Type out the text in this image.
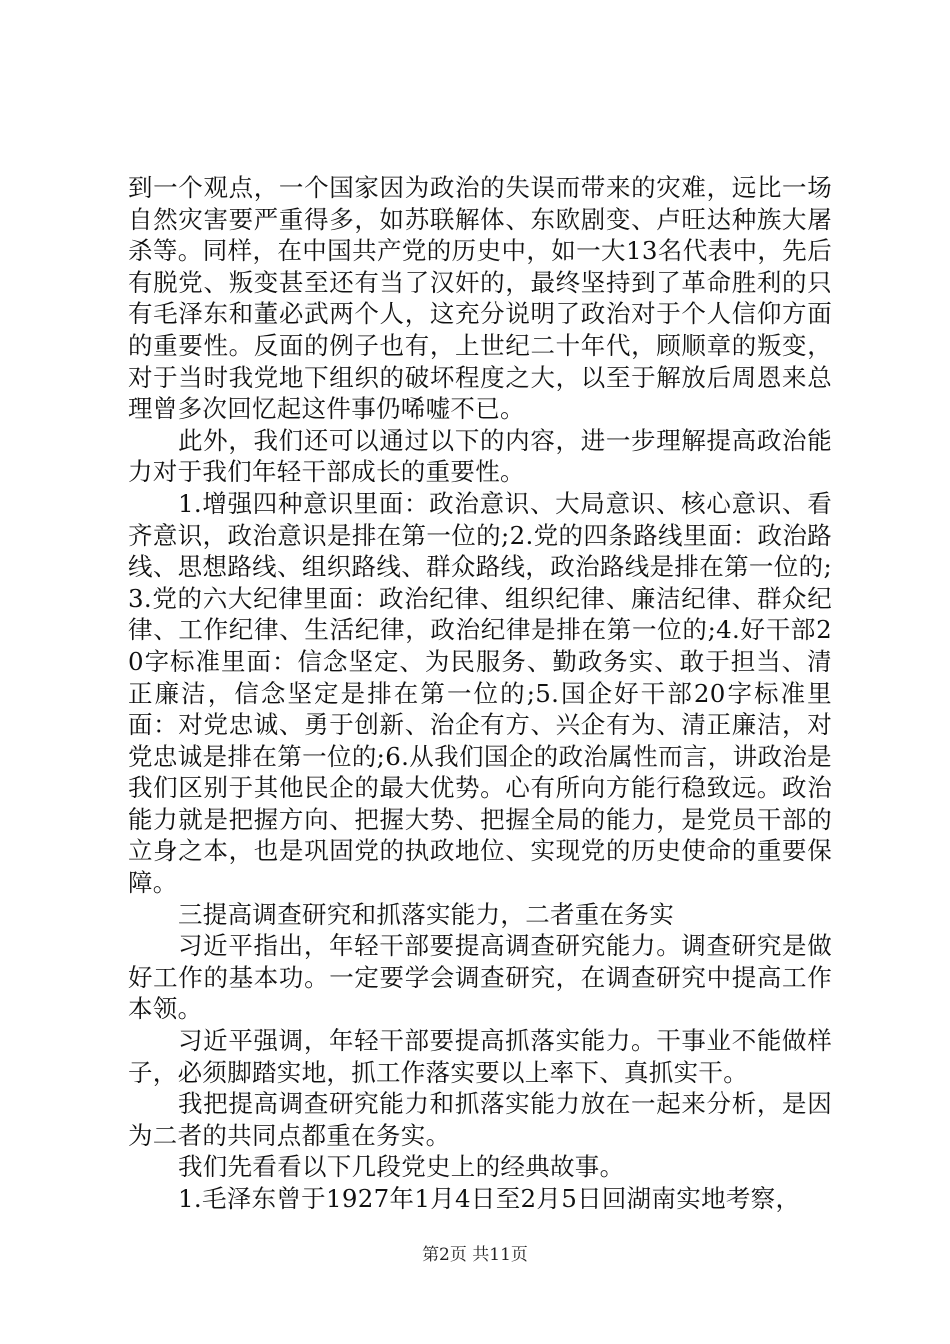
到一个观点，一个国家因为政治的失误而带来的灾难，远比一场自然灾害要严重得多，如苏联解体、东欧剧变、卢旺达种族大屠杀等。同样，在中国共产党的历史中，如一大13名代表中，先后有脱党、叛变甚至还有当了汉奸的，最终坚持到了革命胜利的只有毛泽东和董必武两个人，这充分说明了政治对于个人信仰方面的重要性。反面的例子也有，上世纪二十年代，顾顺章的叛变，对于当时我党地下组织的破坏程度之大，以至于解放后周恩来总理曾多次回忆起这件事仍唏嘘不已。

此外，我们还可以通过以下的内容，进一步理解提高政治能力对于我们年轻干部成长的重要性。

1.增强四种意识里面：政治意识、大局意识、核心意识、看齐意识，政治意识是排在第一位的;2.党的四条路线里面：政治路线、思想路线、组织路线、群众路线，政治路线是排在第一位的;3.党的六大纪律里面：政治纪律、组织纪律、廉洁纪律、群众纪律、工作纪律、生活纪律，政治纪律是排在第一位的;4.好干部20字标准里面：信念坚定、为民服务、勤政务实、敢于担当、清正廉洁，信念坚定是排在第一位的;5.国企好干部20字标准里面：对党忠诚、勇于创新、治企有方、兴企有为、清正廉洁，对党忠诚是排在第一位的;6.从我们国企的政治属性而言，讲政治是我们区别于其他民企的最大优势。心有所向方能行稳致远。政治能力就是把握方向、把握大势、把握全局的能力，是党员干部的立身之本，也是巩固党的执政地位、实现党的历史使命的重要保障。

三提高调查研究和抓落实能力，二者重在务实

习近平指出，年轻干部要提高调查研究能力。调查研究是做好工作的基本功。一定要学会调查研究，在调查研究中提高工作本领。

习近平强调，年轻干部要提高抓落实能力。干事业不能做样子，必须脚踏实地，抓工作落实要以上率下、真抓实干。

我把提高调查研究能力和抓落实能力放在一起来分析，是因为二者的共同点都重在务实。

我们先看看以下几段党史上的经典故事。

1.毛泽东曾于1927年1月4日至2月5日回湖南实地考察，

第2页 共11页
